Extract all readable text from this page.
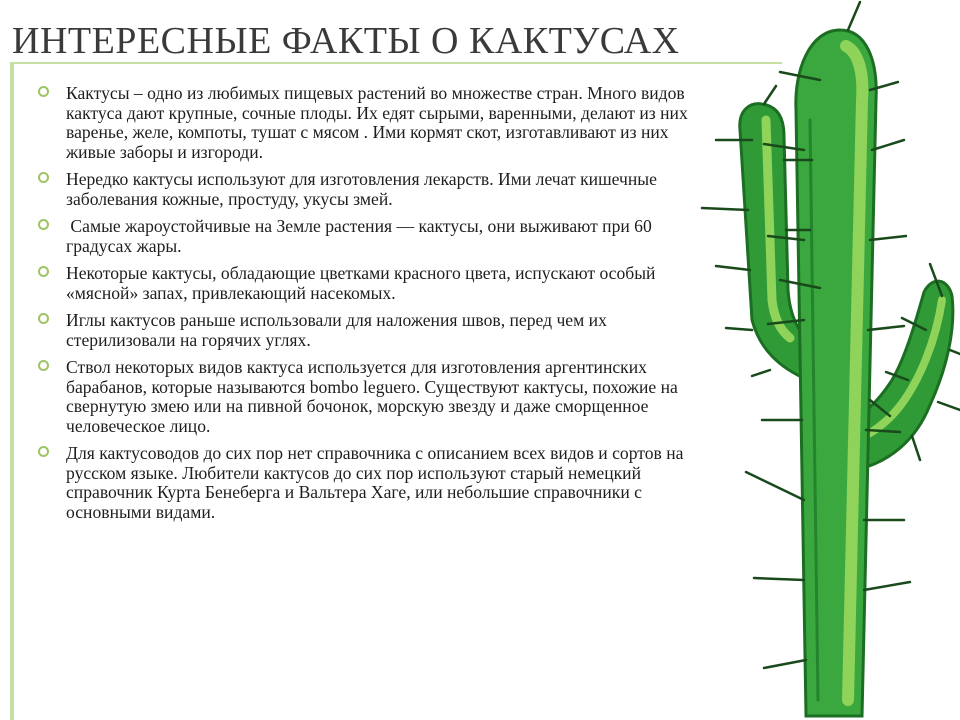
ИНТЕРЕСНЫЕ ФАКТЫ О КАКТУСАХ
Кактусы – одно из любимых пищевых растений во множестве стран. Много видов кактуса дают крупные, сочные плоды. Их едят сырыми, варенными, делают из них варенье, желе, компоты, тушат с мясом . Ими кормят скот, изготавливают из них живые заборы и изгороди.
Нередко кактусы используют для изготовления лекарств. Ими лечат кишечные заболевания кожные, простуду, укусы змей.
Самые жароустойчивые на Земле растения — кактусы, они выживают при 60 градусах жары.
Некоторые кактусы, обладающие цветками красного цвета, испускают особый «мясной» запах, привлекающий насекомых.
Иглы кактусов раньше использовали для наложения швов, перед чем их стерилизовали на горячих углях.
Ствол некоторых видов кактуса используется для изготовления аргентинских барабанов, которые называются bombo leguero. Существуют кактусы, похожие на свернутую змею или на пивной бочонок, морскую звезду и даже сморщенное человеческое лицо.
Для кактусоводов до сих пор нет справочника с описанием всех видов и сортов на русском языке. Любители кактусов до сих пор используют старый немецкий справочник Курта Бенеберга и Вальтера Хаге, или небольшие справочники с основными видами.
